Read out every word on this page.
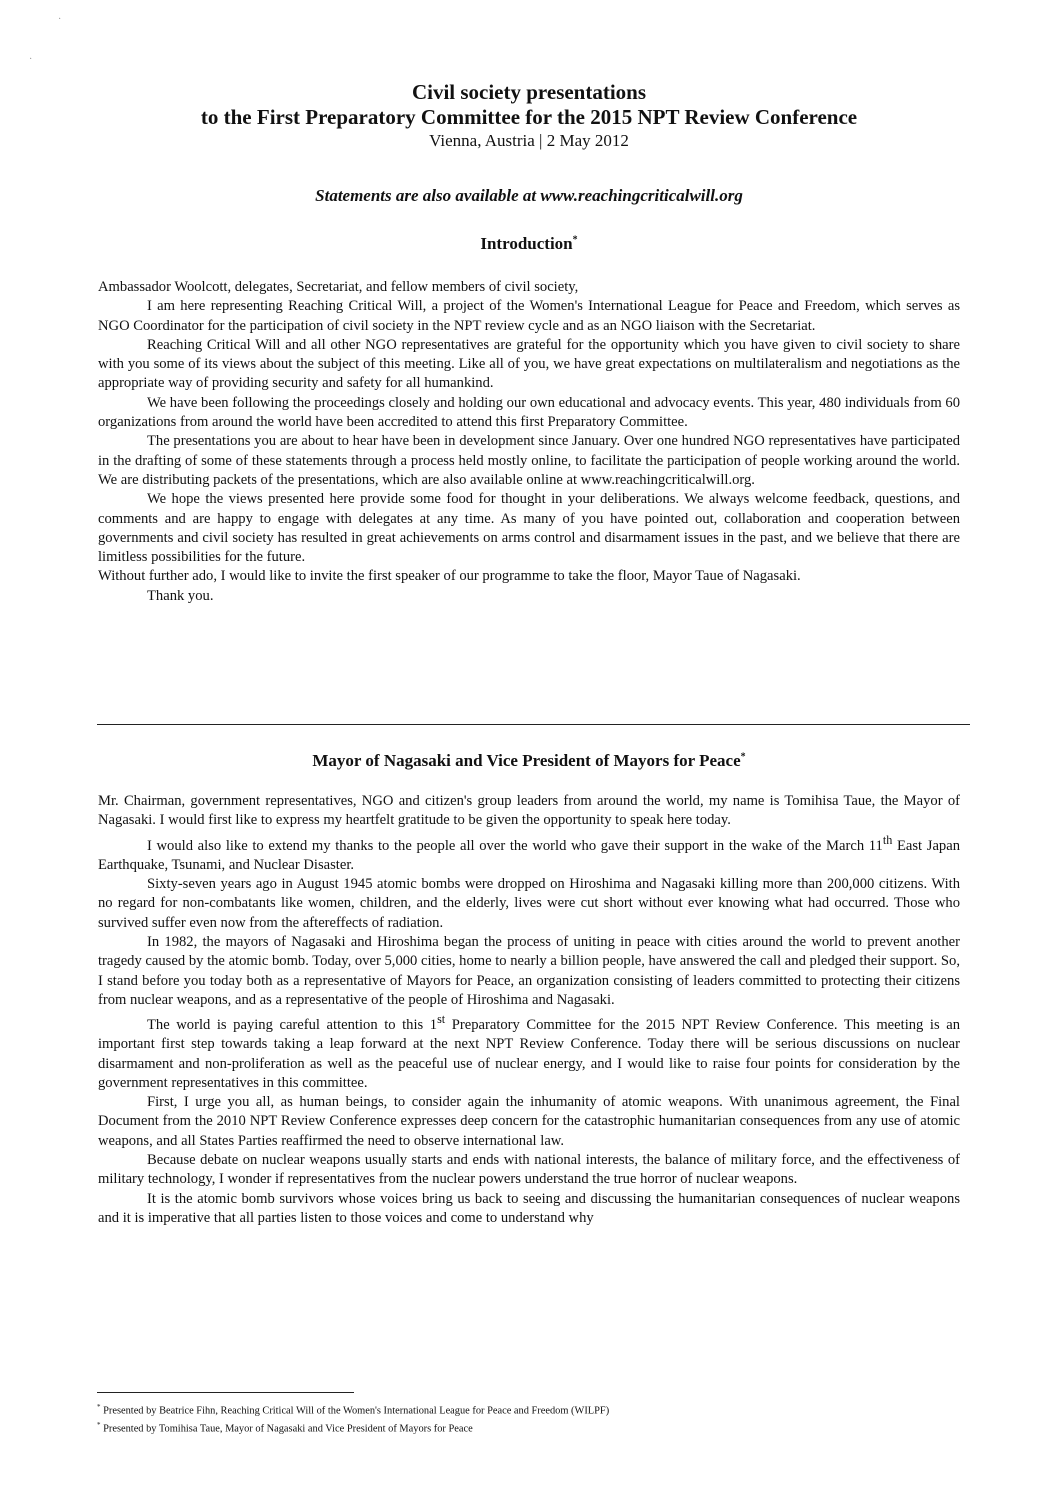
·
·

Civil society presentations

to the First Preparatory Committee for the 2015 NPT Review Conference

Vienna, Austria | 2 May 2012

Statements are also available at www.reachingcriticalwill.org
Introduction*

Ambassador Woolcott, delegates, Secretariat, and fellow members of civil society,

I am here representing Reaching Critical Will, a project of the Women's International League for Peace and Freedom, which serves as NGO Coordinator for the participation of civil society in the NPT review cycle and as an NGO liaison with the Secretariat.

Reaching Critical Will and all other NGO representatives are grateful for the opportunity which you have given to civil society to share with you some of its views about the subject of this meeting. Like all of you, we have great expectations on multilateralism and negotiations as the appropriate way of providing security and safety for all humankind.

We have been following the proceedings closely and holding our own educational and advocacy events. This year, 480 individuals from 60 organizations from around the world have been accredited to attend this first Preparatory Committee.

The presentations you are about to hear have been in development since January. Over one hundred NGO representatives have participated in the drafting of some of these statements through a process held mostly online, to facilitate the participation of people working around the world. We are distributing packets of the presentations, which are also available online at www.reachingcriticalwill.org.

We hope the views presented here provide some food for thought in your deliberations. We always welcome feedback, questions, and comments and are happy to engage with delegates at any time. As many of you have pointed out, collaboration and cooperation between governments and civil society has resulted in great achievements on arms control and disarmament issues in the past, and we believe that there are limitless possibilities for the future.

Without further ado, I would like to invite the first speaker of our programme to take the floor, Mayor Taue of Nagasaki.

Thank you.

Mayor of Nagasaki and Vice President of Mayors for Peace*

Mr. Chairman, government representatives, NGO and citizen's group leaders from around the world, my name is Tomihisa Taue, the Mayor of Nagasaki. I would first like to express my heartfelt gratitude to be given the opportunity to speak here today.

I would also like to extend my thanks to the people all over the world who gave their support in the wake of the March 11th East Japan Earthquake, Tsunami, and Nuclear Disaster.

Sixty-seven years ago in August 1945 atomic bombs were dropped on Hiroshima and Nagasaki killing more than 200,000 citizens. With no regard for non-combatants like women, children, and the elderly, lives were cut short without ever knowing what had occurred. Those who survived suffer even now from the aftereffects of radiation.

In 1982, the mayors of Nagasaki and Hiroshima began the process of uniting in peace with cities around the world to prevent another tragedy caused by the atomic bomb. Today, over 5,000 cities, home to nearly a billion people, have answered the call and pledged their support. So, I stand before you today both as a representative of Mayors for Peace, an organization consisting of leaders committed to protecting their citizens from nuclear weapons, and as a representative of the people of Hiroshima and Nagasaki.

The world is paying careful attention to this 1st Preparatory Committee for the 2015 NPT Review Conference. This meeting is an important first step towards taking a leap forward at the next NPT Review Conference. Today there will be serious discussions on nuclear disarmament and non-proliferation as well as the peaceful use of nuclear energy, and I would like to raise four points for consideration by the government representatives in this committee.

First, I urge you all, as human beings, to consider again the inhumanity of atomic weapons. With unanimous agreement, the Final Document from the 2010 NPT Review Conference expresses deep concern for the catastrophic humanitarian consequences from any use of atomic weapons, and all States Parties reaffirmed the need to observe international law.

Because debate on nuclear weapons usually starts and ends with national interests, the balance of military force, and the effectiveness of military technology, I wonder if representatives from the nuclear powers understand the true horror of nuclear weapons.

It is the atomic bomb survivors whose voices bring us back to seeing and discussing the humanitarian consequences of nuclear weapons and it is imperative that all parties listen to those voices and come to understand why

* Presented by Beatrice Fihn, Reaching Critical Will of the Women's International League for Peace and Freedom (WILPF)

* Presented by Tomihisa Taue, Mayor of Nagasaki and Vice President of Mayors for Peace
